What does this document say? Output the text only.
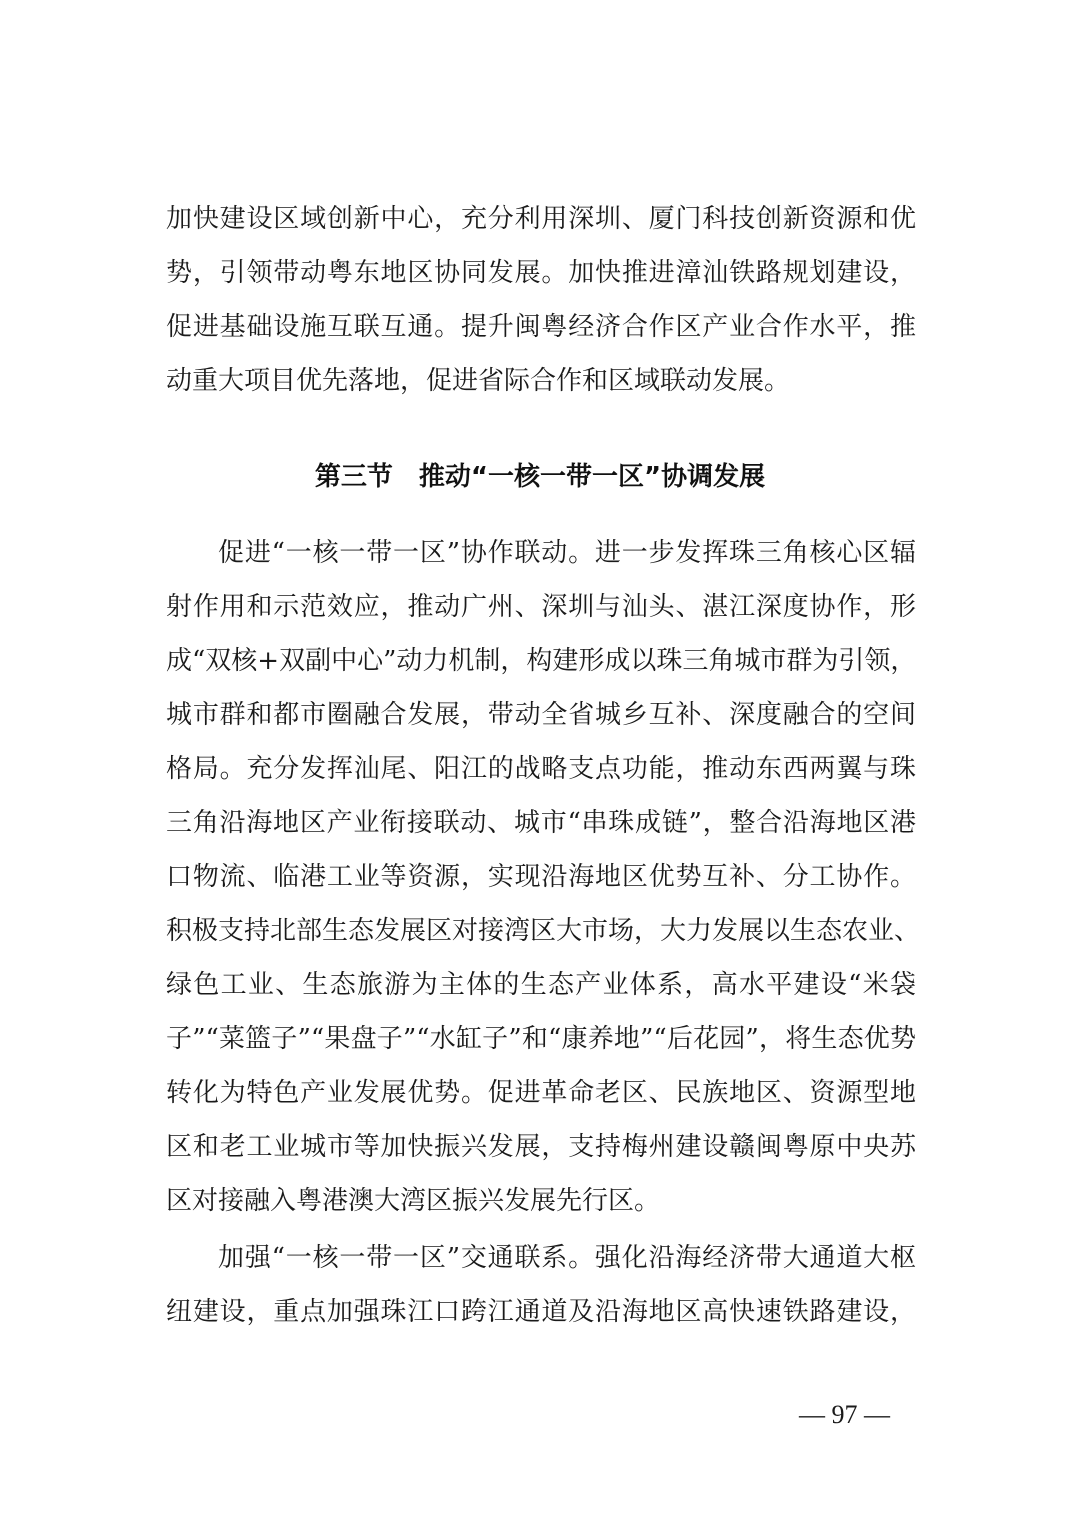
加快建设区域创新中心，充分利用深圳、厦门科技创新资源和优

势，引领带动粤东地区协同发展。加快推进漳汕铁路规划建设，

促进基础设施互联互通。提升闽粤经济合作区产业合作水平，推

动重大项目优先落地，促进省际合作和区域联动发展。

第三节　推动“一核一带一区”协调发展

促进“一核一带一区”协作联动。进一步发挥珠三角核心区辐

射作用和示范效应，推动广州、深圳与汕头、湛江深度协作，形

成“双核+双副中心”动力机制，构建形成以珠三角城市群为引领，

城市群和都市圈融合发展，带动全省城乡互补、深度融合的空间

格局。充分发挥汕尾、阳江的战略支点功能，推动东西两翼与珠

三角沿海地区产业衔接联动、城市“串珠成链”，整合沿海地区港

口物流、临港工业等资源，实现沿海地区优势互补、分工协作。

积极支持北部生态发展区对接湾区大市场，大力发展以生态农业、

绿色工业、生态旅游为主体的生态产业体系，高水平建设“米袋

子”“菜篮子”“果盘子”“水缸子”和“康养地”“后花园”，将生态优势

转化为特色产业发展优势。促进革命老区、民族地区、资源型地

区和老工业城市等加快振兴发展，支持梅州建设赣闽粤原中央苏

区对接融入粤港澳大湾区振兴发展先行区。

加强“一核一带一区”交通联系。强化沿海经济带大通道大枢

纽建设，重点加强珠江口跨江通道及沿海地区高快速铁路建设，

— 97 —
